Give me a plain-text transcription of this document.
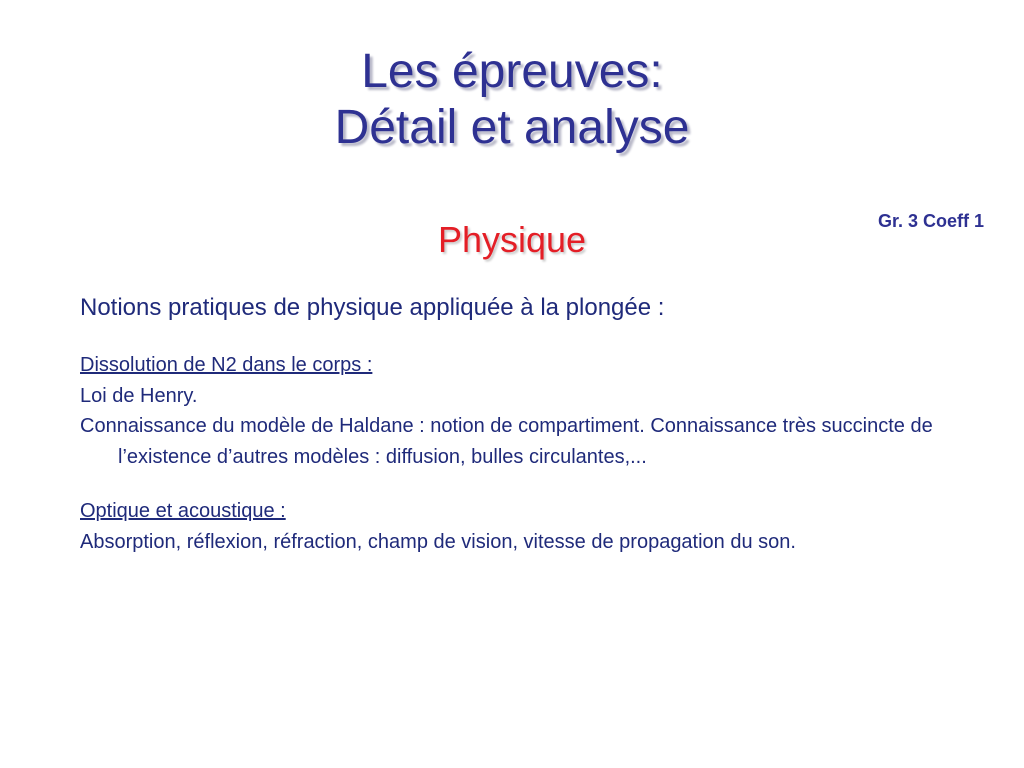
Les épreuves:
Détail et analyse
Physique	Gr. 3 Coeff 1
Notions pratiques de physique appliquée à la plongée :
Dissolution de N2 dans le corps :
Loi de Henry.
Connaissance du modèle de Haldane : notion de compartiment. Connaissance très succincte de l’existence d’autres modèles : diffusion, bulles circulantes,...
Optique et acoustique :
Absorption, réflexion, réfraction, champ de vision, vitesse de propagation du son.
